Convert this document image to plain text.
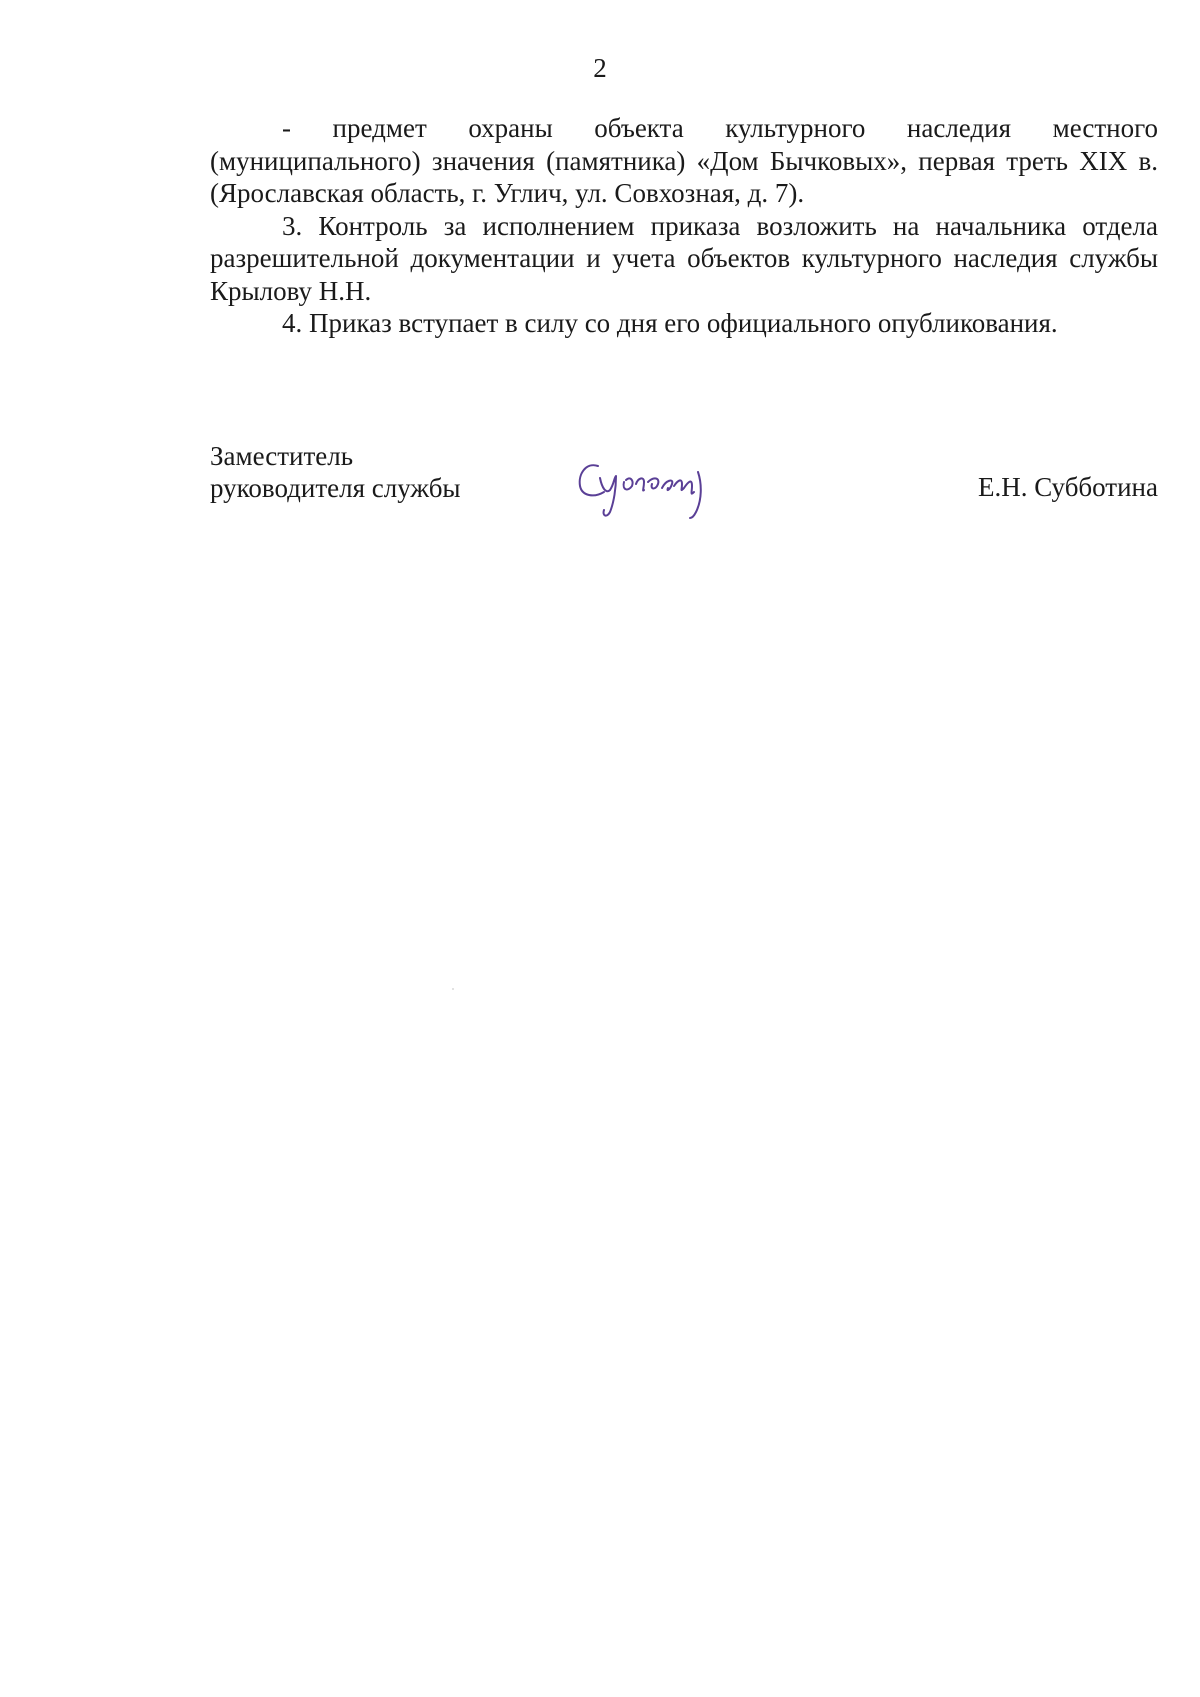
2

- предмет охраны объекта культурного наследия местного (муниципального) значения (памятника) «Дом Бычковых», первая треть XIX в. (Ярославская область, г. Углич, ул. Совхозная, д. 7).

3. Контроль за исполнением приказа возложить на начальника отдела разрешительной документации и учета объектов культурного наследия службы Крылову Н.Н.

4. Приказ вступает в силу со дня его официального опубликования.

Заместитель
руководителя службы	Е.Н. Субботина
